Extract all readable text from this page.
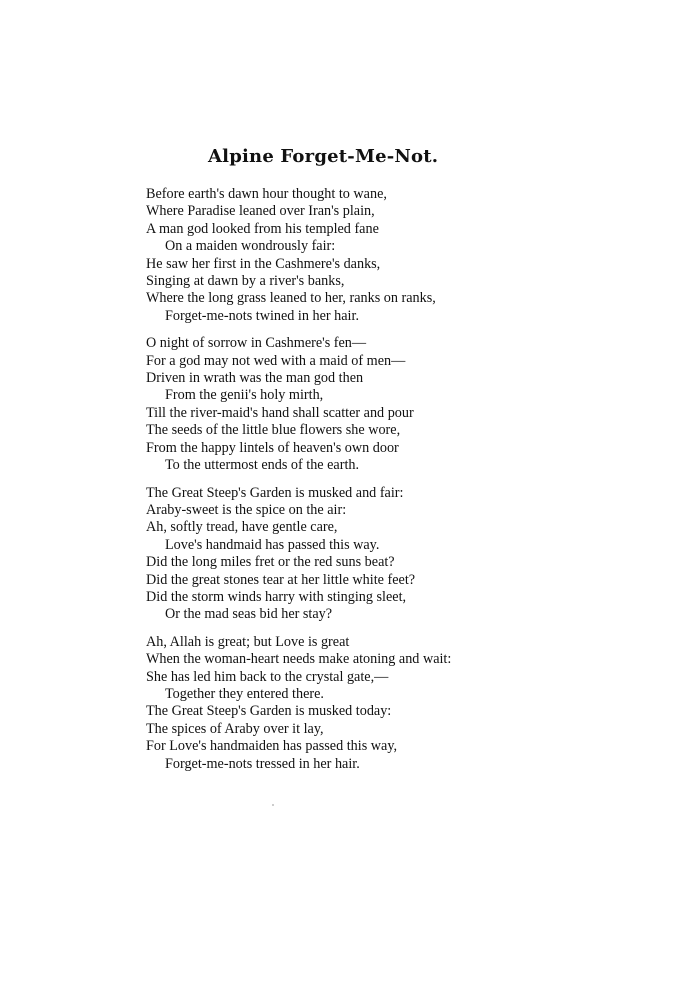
Alpine Forget-Me-Not.
Before earth's dawn hour thought to wane,
Where Paradise leaned over Iran's plain,
A man god looked from his templed fane
On a maiden wondrously fair:
He saw her first in the Cashmere's danks,
Singing at dawn by a river's banks,
Where the long grass leaned to her, ranks on ranks,
Forget-me-nots twined in her hair.
O night of sorrow in Cashmere's fen—
For a god may not wed with a maid of men—
Driven in wrath was the man god then
From the genii's holy mirth,
Till the river-maid's hand shall scatter and pour
The seeds of the little blue flowers she wore,
From the happy lintels of heaven's own door
To the uttermost ends of the earth.
The Great Steep's Garden is musked and fair:
Araby-sweet is the spice on the air:
Ah, softly tread, have gentle care,
Love's handmaid has passed this way.
Did the long miles fret or the red suns beat?
Did the great stones tear at her little white feet?
Did the storm winds harry with stinging sleet,
Or the mad seas bid her stay?
Ah, Allah is great; but Love is great
When the woman-heart needs make atoning and wait:
She has led him back to the crystal gate,—
Together they entered there.
The Great Steep's Garden is musked today:
The spices of Araby over it lay,
For Love's handmaiden has passed this way,
Forget-me-nots tressed in her hair.
